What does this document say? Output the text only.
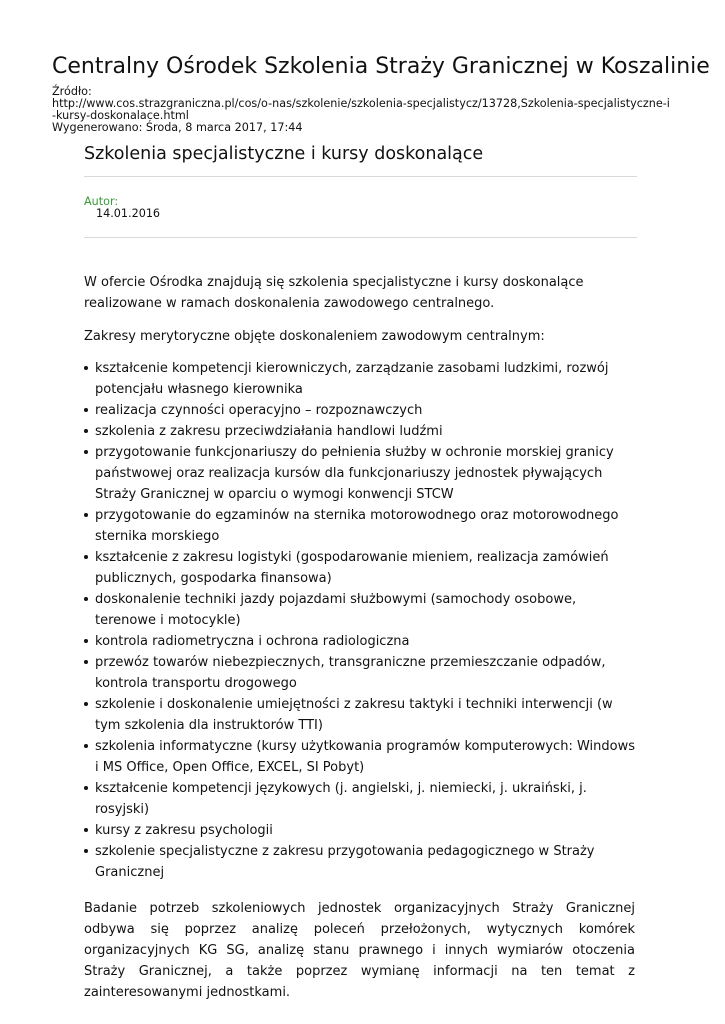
Centralny Ośrodek Szkolenia Straży Granicznej w Koszalinie
Źródło:
http://www.cos.strazgraniczna.pl/cos/o-nas/szkolenie/szkolenia-specjalistycz/13728,Szkolenia-specjalistyczne-i-kursy-doskonalace.html
Wygenerowano: Środa, 8 marca 2017, 17:44
Szkolenia specjalistyczne i kursy doskonalące
Autor:
14.01.2016

W ofercie Ośrodka znajdują się szkolenia specjalistyczne i kursy doskonalące realizowane w ramach doskonalenia zawodowego centralnego.

Zakresy merytoryczne objęte doskonaleniem zawodowym centralnym:

kształcenie kompetencji kierowniczych, zarządzanie zasobami ludzkimi, rozwój potencjału własnego kierownika
realizacja czynności operacyjno – rozpoznawczych
szkolenia z zakresu przeciwdziałania handlowi ludźmi
przygotowanie funkcjonariuszy do pełnienia służby w ochronie morskiej granicy państwowej oraz realizacja kursów dla funkcjonariuszy jednostek pływających Straży Granicznej w oparciu o wymogi konwencji STCW
przygotowanie do egzaminów na sternika motorowodnego oraz motorowodnego sternika morskiego
kształcenie z zakresu logistyki (gospodarowanie mieniem, realizacja zamówień publicznych, gospodarka finansowa)
doskonalenie techniki jazdy pojazdami służbowymi (samochody osobowe, terenowe i motocykle)
kontrola radiometryczna i ochrona radiologiczna
przewóz towarów niebezpiecznych, transgraniczne przemieszczanie odpadów, kontrola transportu drogowego
szkolenie i doskonalenie umiejętności z zakresu taktyki i techniki interwencji (w tym szkolenia dla instruktorów TTI)
szkolenia informatyczne (kursy użytkowania programów komputerowych: Windows i MS Office, Open Office, EXCEL, SI Pobyt)
kształcenie kompetencji językowych (j. angielski, j. niemiecki, j. ukraiński, j. rosyjski)
kursy z zakresu psychologii
szkolenie specjalistyczne z zakresu przygotowania pedagogicznego w Straży Granicznej

Badanie potrzeb szkoleniowych jednostek organizacyjnych Straży Granicznej odbywa się poprzez analizę poleceń przełożonych, wytycznych komórek organizacyjnych KG SG, analizę stanu prawnego i innych wymiarów otoczenia Straży Granicznej, a także poprzez wymianę informacji na ten temat z zainteresowanymi jednostkami.
